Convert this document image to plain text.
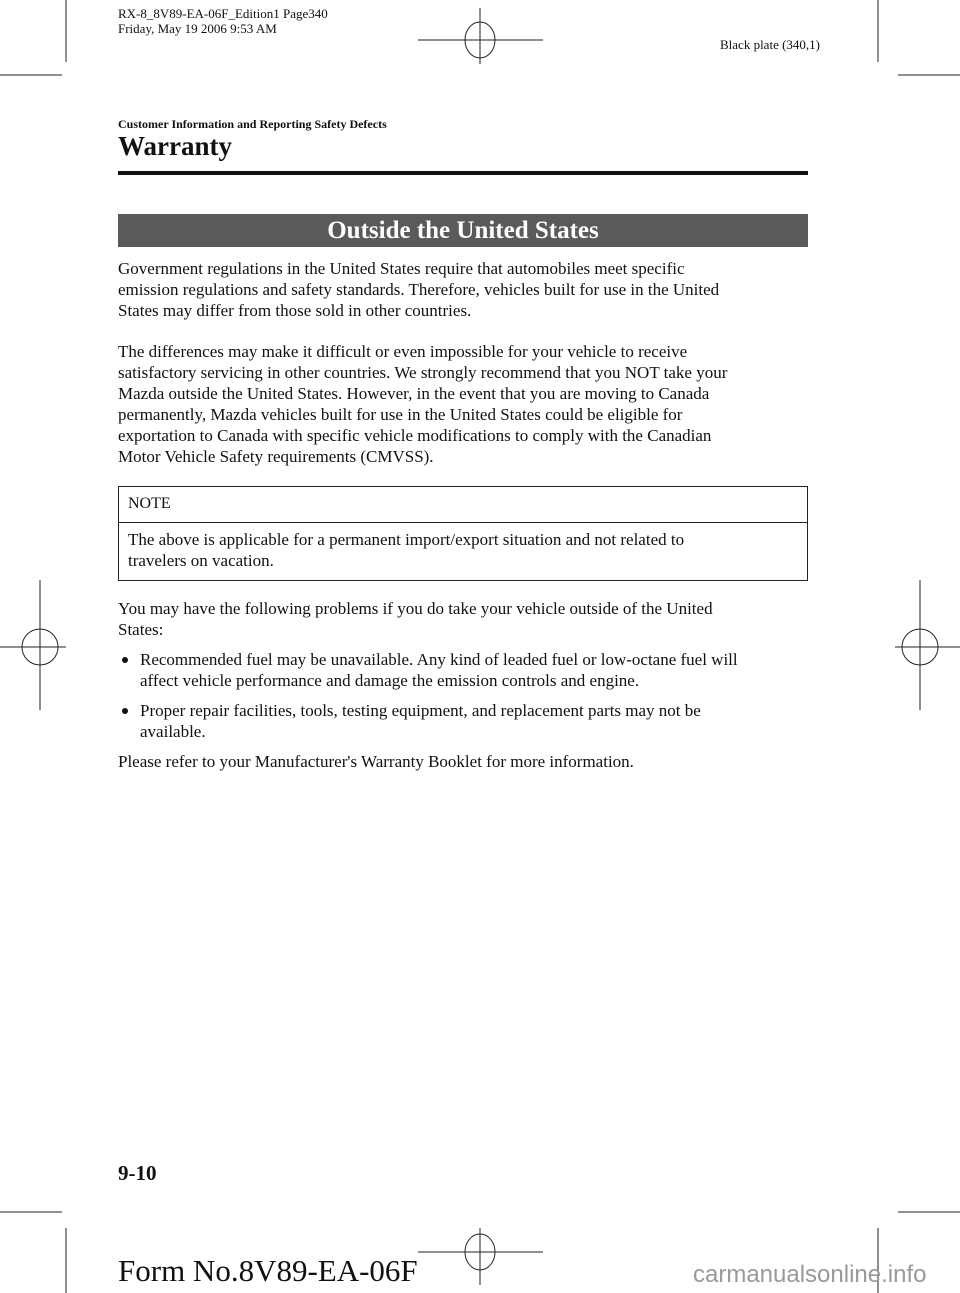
RX-8_8V89-EA-06F_Edition1 Page340
Friday, May 19 2006 9:53 AM
Black plate (340,1)
Customer Information and Reporting Safety Defects
Warranty
Outside the United States
Government regulations in the United States require that automobiles meet specific
emission regulations and safety standards. Therefore, vehicles built for use in the United
States may differ from those sold in other countries.
The differences may make it difficult or even impossible for your vehicle to receive
satisfactory servicing in other countries. We strongly recommend that you NOT take your
Mazda outside the United States. However, in the event that you are moving to Canada
permanently, Mazda vehicles built for use in the United States could be eligible for
exportation to Canada with specific vehicle modifications to comply with the Canadian
Motor Vehicle Safety requirements (CMVSS).
NOTE
The above is applicable for a permanent import/export situation and not related to
travelers on vacation.
You may have the following problems if you do take your vehicle outside of the United
States:
Recommended fuel may be unavailable. Any kind of leaded fuel or low-octane fuel will
affect vehicle performance and damage the emission controls and engine.
Proper repair facilities, tools, testing equipment, and replacement parts may not be
available.
Please refer to your Manufacturer's Warranty Booklet for more information.
9-10
Form No.8V89-EA-06F	carmanualsonline.info
